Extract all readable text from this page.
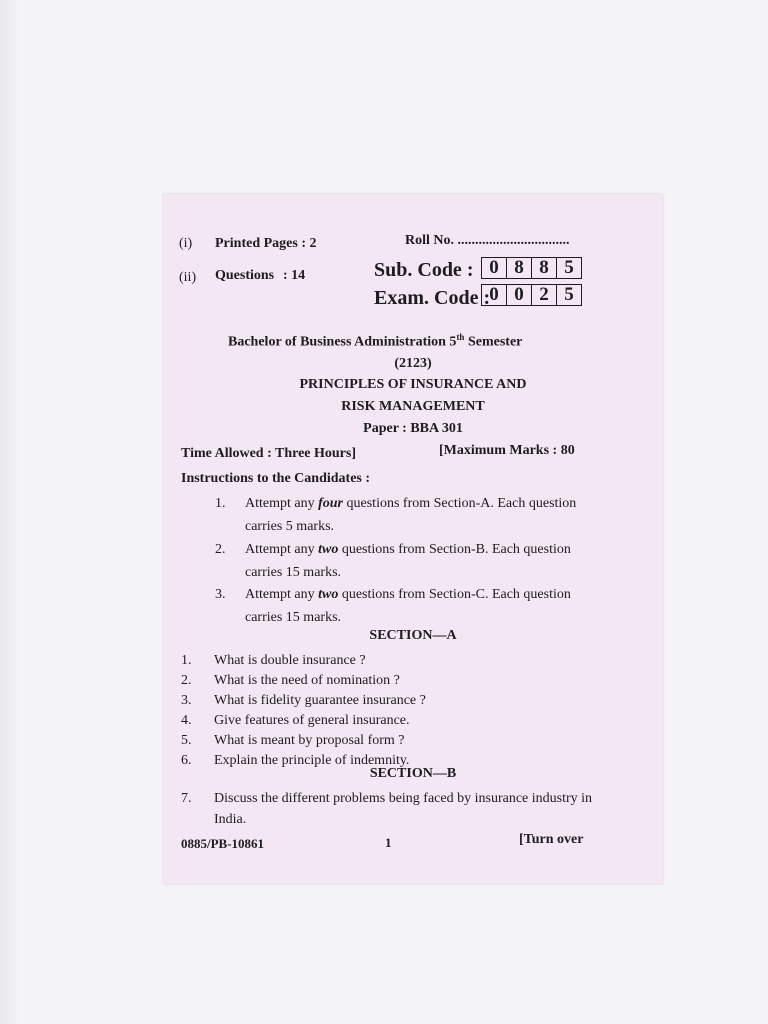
(i) Printed Pages : 2	Roll No. ................................
(ii) Questions : 14	Sub. Code : 0 8 8 5
Exam. Code : 0 0 2 5
Bachelor of Business Administration 5th Semester
(2123)
PRINCIPLES OF INSURANCE AND
RISK MANAGEMENT
Paper : BBA 301
Time Allowed : Three Hours]	[Maximum Marks : 80
Instructions to the Candidates :
1. Attempt any four questions from Section-A. Each question carries 5 marks.
2. Attempt any two questions from Section-B. Each question carries 15 marks.
3. Attempt any two questions from Section-C. Each question carries 15 marks.
SECTION—A
1. What is double insurance ?
2. What is the need of nomination ?
3. What is fidelity guarantee insurance ?
4. Give features of general insurance.
5. What is meant by proposal form ?
6. Explain the principle of indemnity.
SECTION—B
7. Discuss the different problems being faced by insurance industry in India.
0885/PB-10861	1	[Turn over
